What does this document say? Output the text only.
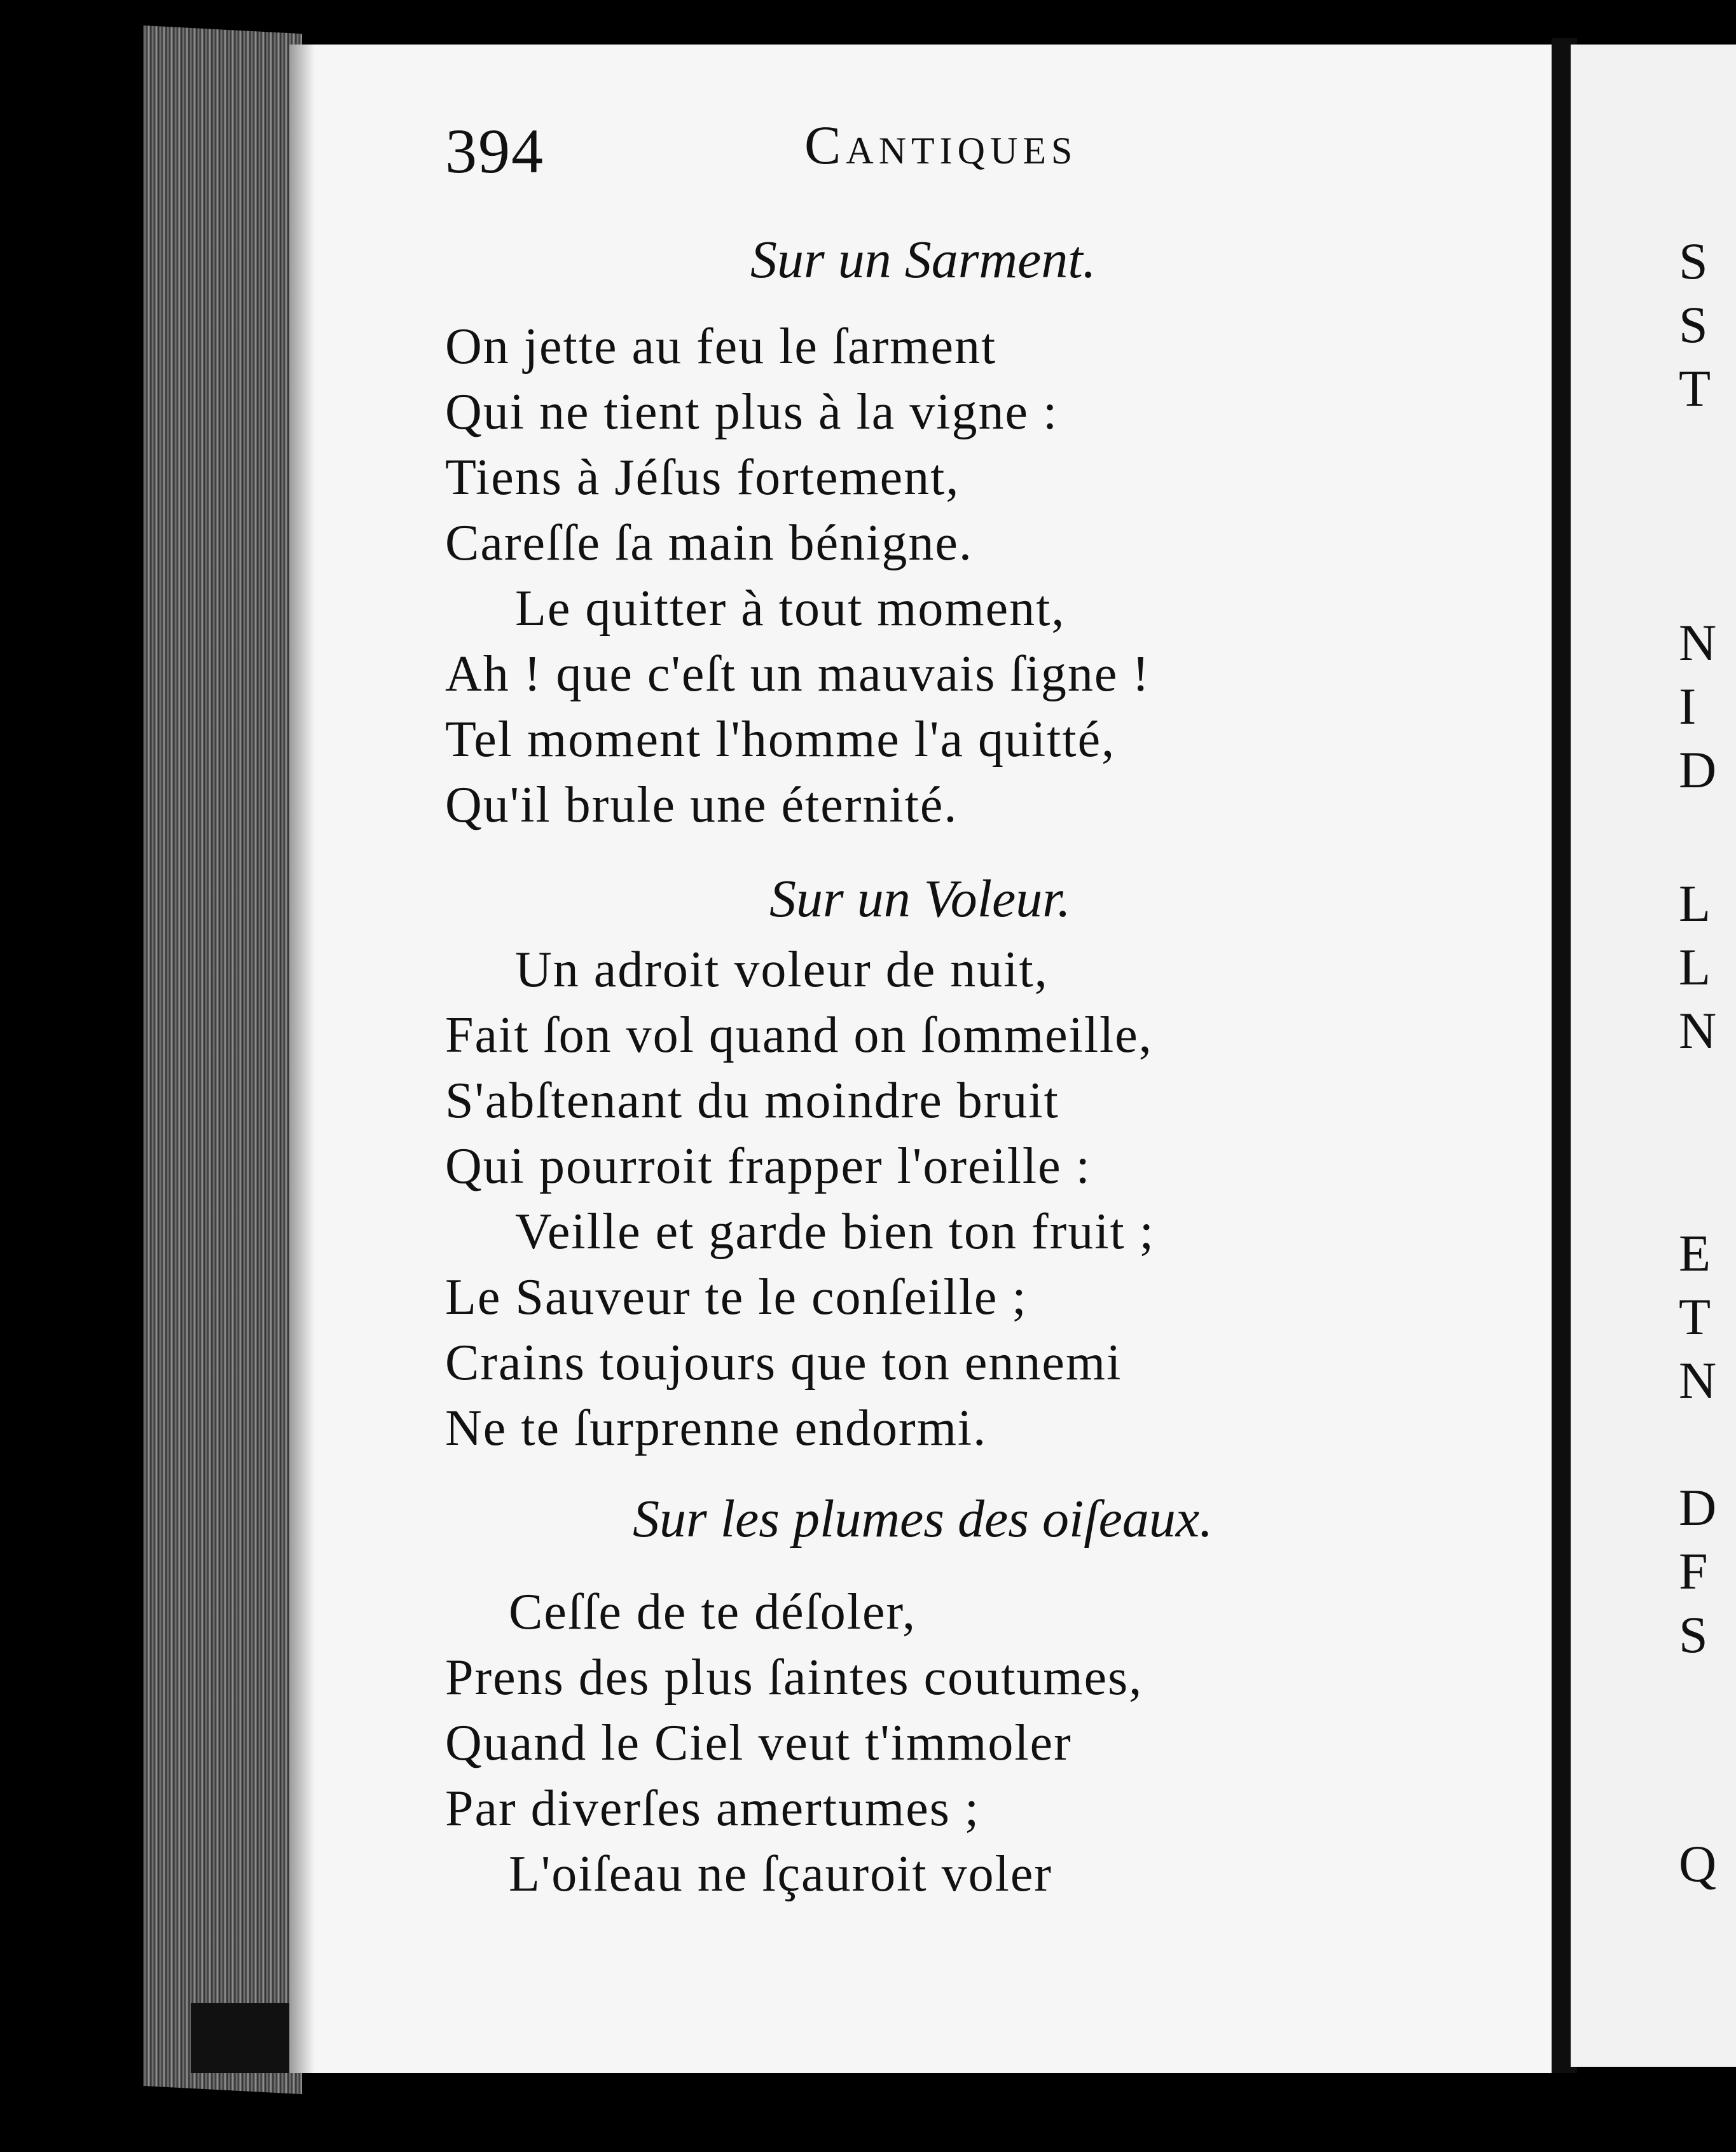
394	Cantiques
Sur un Sarment.
On jette au feu le ſarment
Qui ne tient plus à la vigne :
Tiens à Jéſus fortement,
Careſſe ſa main bénigne.
Le quitter à tout moment,
Ah ! que c'eſt un mauvais ſigne !
Tel moment l'homme l'a quitté,
Qu'il brule une éternité.
Sur un Voleur.
Un adroit voleur de nuit,
Fait ſon vol quand on ſommeille,
S'abſtenant du moindre bruit
Qui pourroit frapper l'oreille :
Veille et garde bien ton fruit ;
Le Sauveur te le conſeille ;
Crains toujours que ton ennemi
Ne te ſurprenne endormi.
Sur les plumes des oiſeaux.
Ceſſe de te déſoler,
Prens des plus ſaintes coutumes,
Quand le Ciel veut t'immoler
Par diverſes amertumes ;
L'oiſeau ne ſçauroit voler
S
S
T
N
I
D
L
L
N
E
T
N
D
F
S
Q
